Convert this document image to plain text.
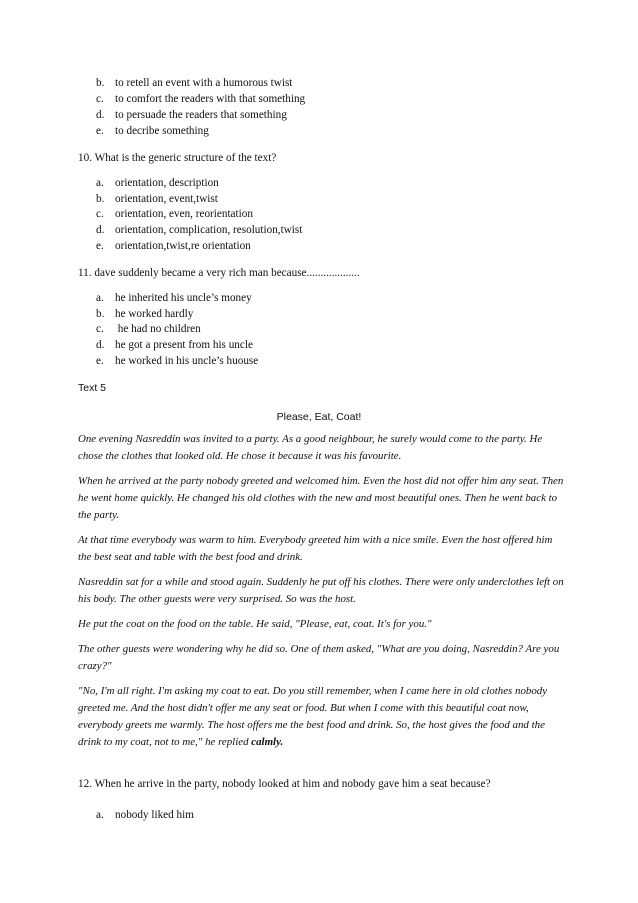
b. to retell an event with a humorous twist
c. to comfort the readers with that something
d. to persuade the readers that something
e. to decribe something
10. What is the generic structure of the text?
a. orientation, description
b. orientation, event,twist
c. orientation, even, reorientation
d. orientation, complication, resolution,twist
e. orientation,twist,re orientation
11. dave suddenly became a very rich man because...................
a. he inherited his uncle’s money
b. he worked hardly
c. he had no children
d. he got a present from his uncle
e. he worked in his uncle’s huouse
Text 5
Please, Eat, Coat!
One evening Nasreddin was invited to a party. As a good neighbour, he surely would come to the party. He chose the clothes that looked old. He chose it because it was his favourite.
When he arrived at the party nobody greeted and welcomed him. Even the host did not offer him any seat. Then he went home quickly. He changed his old clothes with the new and most beautiful ones. Then he went back to the party.
At that time everybody was warm to him. Everybody greeted him with a nice smile. Even the host offered him the best seat and table with the best food and drink.
Nasreddin sat for a while and stood again. Suddenly he put off his clothes. There were only underclothes left on his body. The other guests were very surprised. So was the host.
He put the coat on the food on the table. He said, "Please, eat, coat. It's for you."
The other guests were wondering why he did so. One of them asked, "What are you doing, Nasreddin? Are you crazy?"
"No, I'm all right. I'm asking my coat to eat. Do you still remember, when I came here in old clothes nobody greeted me. And the host didn't offer me any seat or food. But when I come with this beautiful coat now, everybody greets me warmly. The host offers me the best food and drink. So, the host gives the food and the drink to my coat, not to me," he replied calmly.
12. When he arrive in the party, nobody looked at him and nobody gave him a seat because?
a. nobody liked him
